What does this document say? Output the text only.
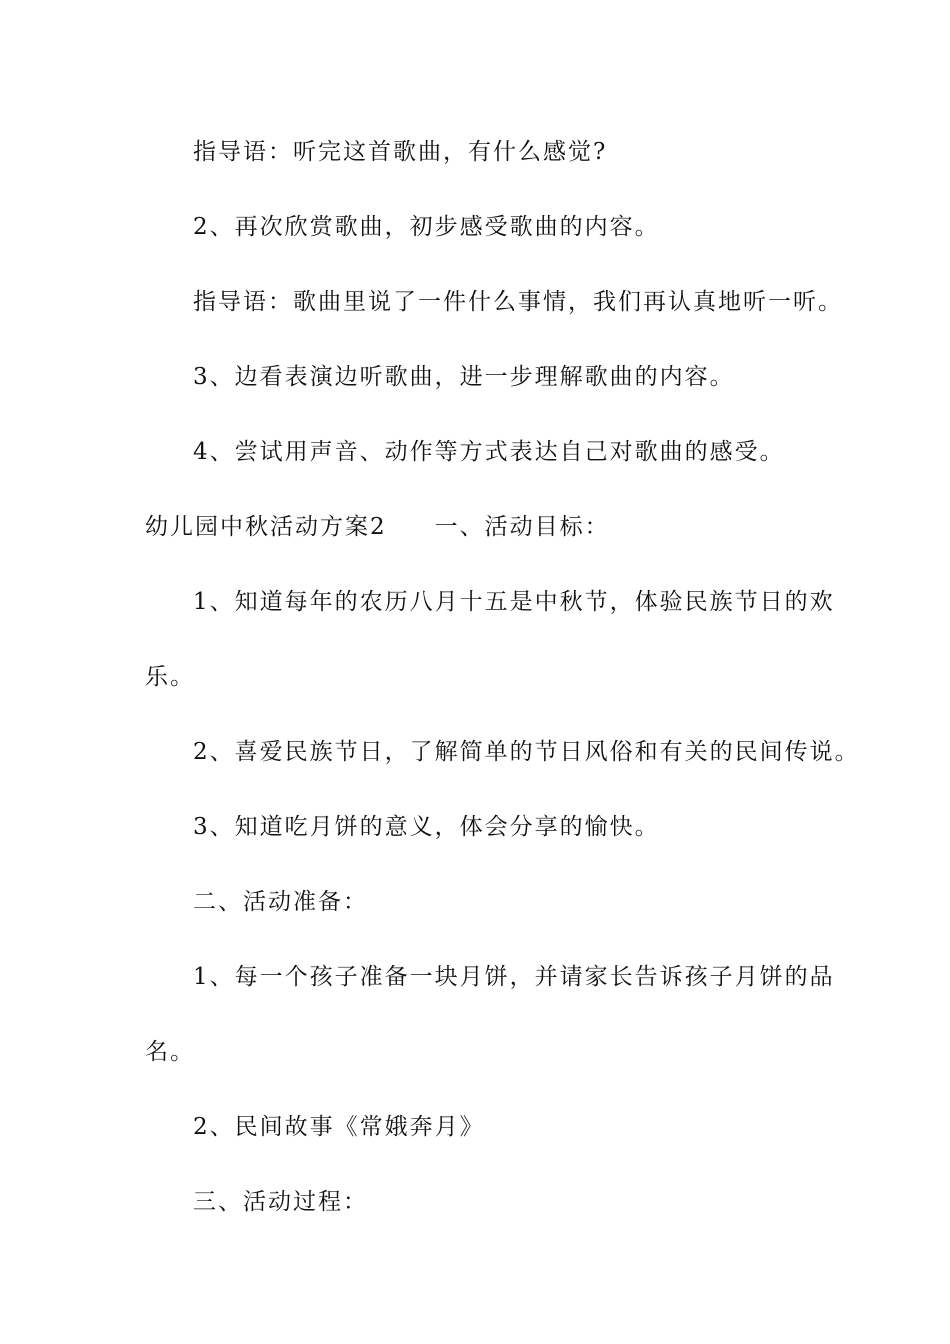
指导语：听完这首歌曲，有什么感觉?
2、再次欣赏歌曲，初步感受歌曲的内容。
指导语：歌曲里说了一件什么事情，我们再认真地听一听。
3、边看表演边听歌曲，进一步理解歌曲的内容。
4、尝试用声音、动作等方式表达自己对歌曲的感受。
幼儿园中秋活动方案2 一、活动目标：
1、知道每年的农历八月十五是中秋节，体验民族节日的欢
乐。
2、喜爱民族节日，了解简单的节日风俗和有关的民间传说。
3、知道吃月饼的意义，体会分享的愉快。
二、活动准备：
1、每一个孩子准备一块月饼，并请家长告诉孩子月饼的品
名。
2、民间故事《常娥奔月》
三、活动过程：
